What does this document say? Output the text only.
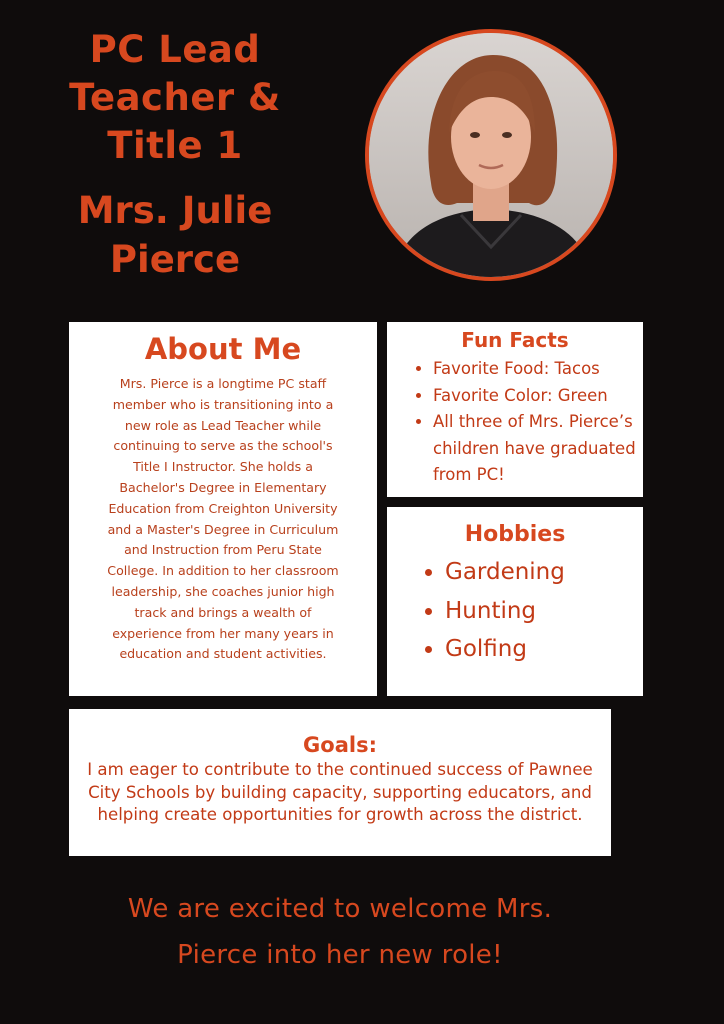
PC Lead
Teacher &
Title 1
Mrs. Julie
Pierce
About Me

Mrs. Pierce is a longtime PC staff member who is transitioning into a new role as Lead Teacher while continuing to serve as the school's Title I Instructor. She holds a Bachelor's Degree in Elementary Education from Creighton University and a Master's Degree in Curriculum and Instruction from Peru State College. In addition to her classroom leadership, she coaches junior high track and brings a wealth of experience from her many years in education and student activities.

Fun Facts
• Favorite Food: Tacos
• Favorite Color: Green
• All three of Mrs. Pierce’s children have graduated from PC!
Hobbies
• Gardening
• Hunting
• Golfing
Goals:

I am eager to contribute to the continued success of Pawnee City Schools by building capacity, supporting educators, and helping create opportunities for growth across the district.

We are excited to welcome Mrs.
Pierce into her new role!
